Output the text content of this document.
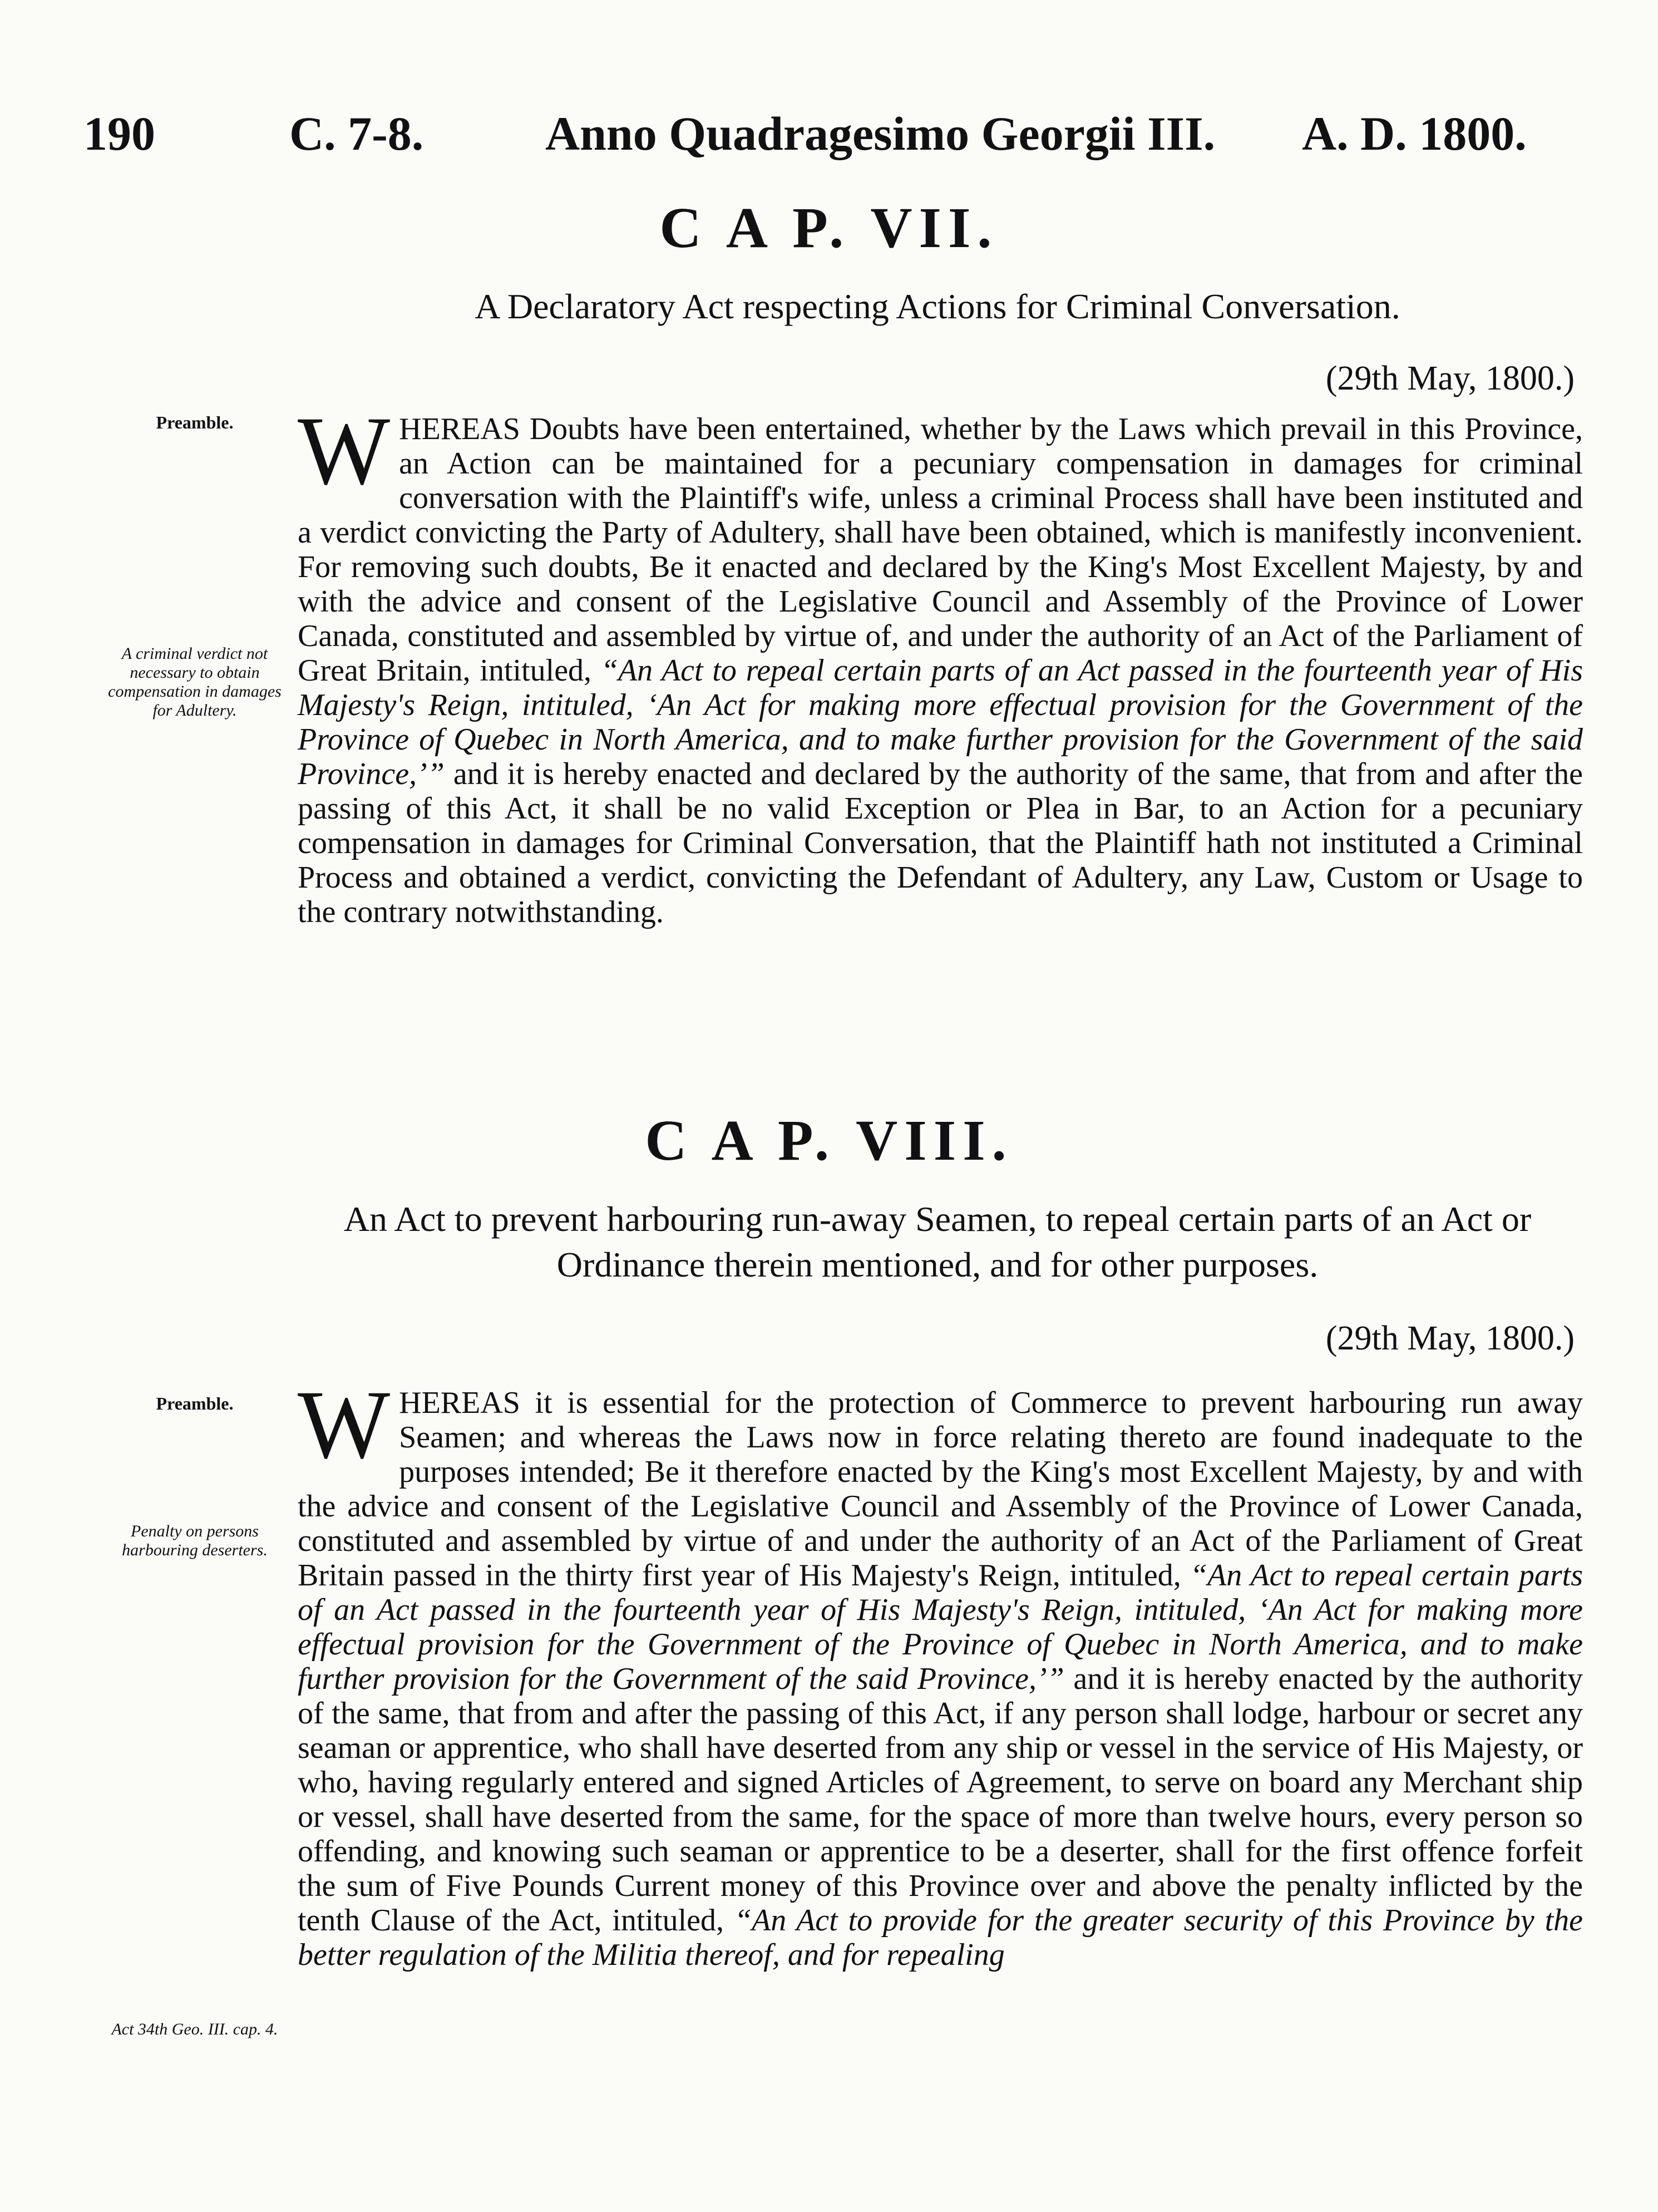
190	C. 7-8.	Anno Quadragesimo Georgii III. A. D. 1800.
C A P. VII.
A Declaratory Act respecting Actions for Criminal Conversation.
(29th May, 1800.)
Preamble.
A criminal verdict not necessary to obtain compensation in damages for Adultery.

WHEREAS Doubts have been entertained, whether by the Laws which prevail in this Province, an Action can be maintained for a pecuniary compensation in damages for criminal conversation with the Plaintiff's wife, unless a criminal Process shall have been instituted and a verdict convicting the Party of Adultery, shall have been obtained, which is manifestly inconvenient. For removing such doubts, Be it enacted and declared by the King's Most Excellent Majesty, by and with the advice and consent of the Legislative Council and Assembly of the Province of Lower Canada, constituted and assembled by virtue of, and under the authority of an Act of the Parliament of Great Britain, intituled, “An Act to repeal certain parts of an Act passed in the fourteenth year of His Majesty's Reign, intituled, ‘An Act for making more effectual provision for the Government of the Province of Quebec in North America, and to make further provision for the Government of the said Province,’” and it is hereby enacted and declared by the authority of the same, that from and after the passing of this Act, it shall be no valid Exception or Plea in Bar, to an Action for a pecuniary compensation in damages for Criminal Conversation, that the Plaintiff hath not instituted a Criminal Process and obtained a verdict, convicting the Defendant of Adultery, any Law, Custom or Usage to the contrary notwithstanding.

C A P. VIII.
An Act to prevent harbouring run-away Seamen, to repeal certain parts of an Act or Ordinance therein mentioned, and for other purposes.
(29th May, 1800.)
Preamble.
Penalty on persons harbouring deserters.
Act 34th Geo. III. cap. 4.

WHEREAS it is essential for the protection of Commerce to prevent harbouring run away Seamen; and whereas the Laws now in force relating thereto are found inadequate to the purposes intended; Be it therefore enacted by the King's most Excellent Majesty, by and with the advice and consent of the Legislative Council and Assembly of the Province of Lower Canada, constituted and assembled by virtue of and under the authority of an Act of the Parliament of Great Britain passed in the thirty first year of His Majesty's Reign, intituled, “An Act to repeal certain parts of an Act passed in the fourteenth year of His Majesty's Reign, intituled, ‘An Act for making more effectual provision for the Government of the Province of Quebec in North America, and to make further provision for the Government of the said Province,’” and it is hereby enacted by the authority of the same, that from and after the passing of this Act, if any person shall lodge, harbour or secret any seaman or apprentice, who shall have deserted from any ship or vessel in the service of His Majesty, or who, having regularly entered and signed Articles of Agreement, to serve on board any Merchant ship or vessel, shall have deserted from the same, for the space of more than twelve hours, every person so offending, and knowing such seaman or apprentice to be a deserter, shall for the first offence forfeit the sum of Five Pounds Current money of this Province over and above the penalty inflicted by the tenth Clause of the Act, intituled, “An Act to provide for the greater security of this Province by the better regulation of the Militia thereof, and for repealing
